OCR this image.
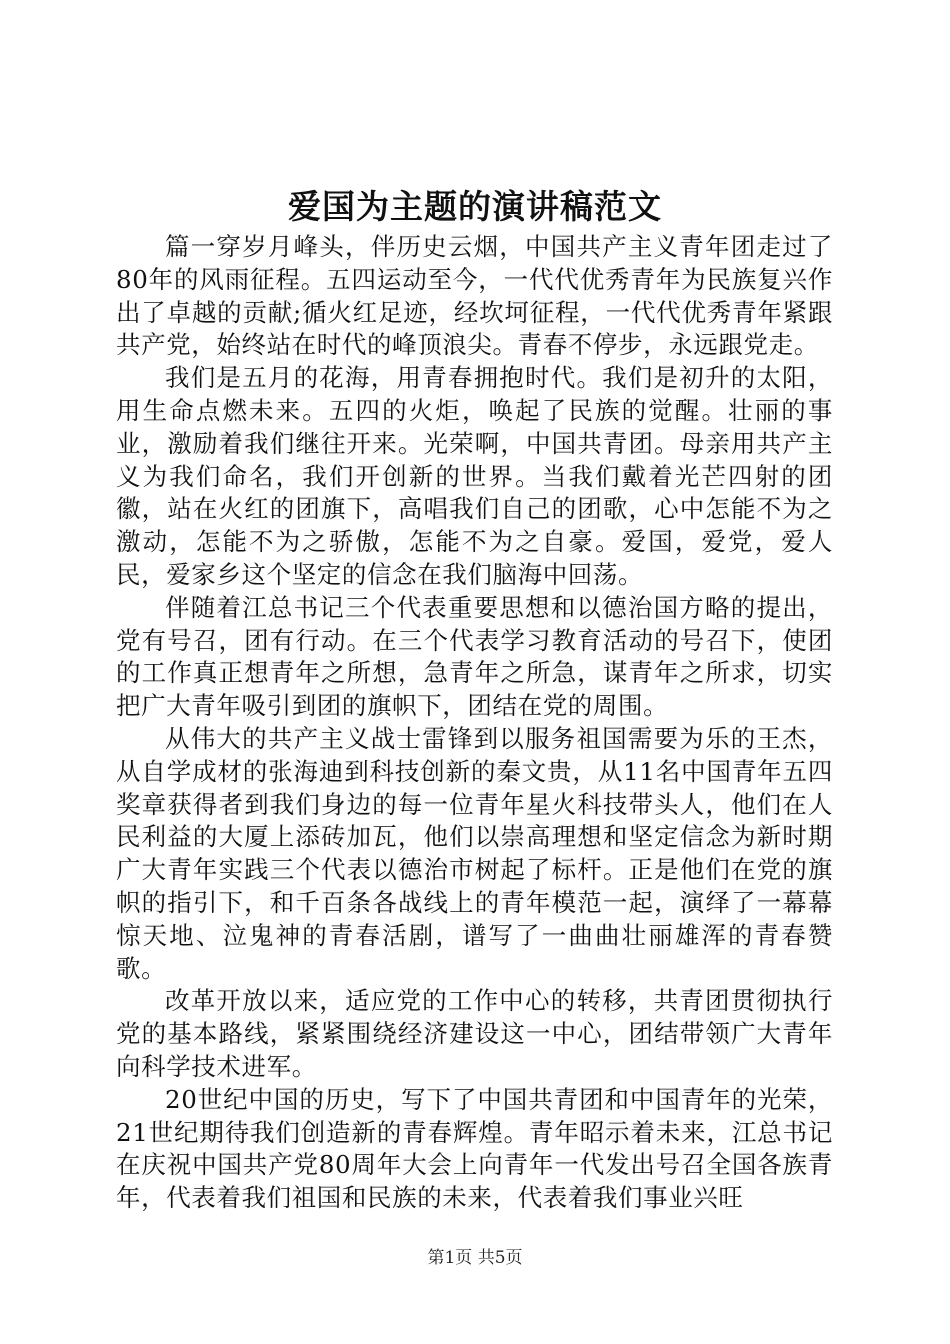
爱国为主题的演讲稿范文

篇一穿岁月峰头，伴历史云烟，中国共产主义青年团走过了80年的风雨征程。五四运动至今，一代代优秀青年为民族复兴作出了卓越的贡献;循火红足迹，经坎坷征程，一代代优秀青年紧跟共产党，始终站在时代的峰顶浪尖。青春不停步，永远跟党走。

我们是五月的花海，用青春拥抱时代。我们是初升的太阳，用生命点燃未来。五四的火炬，唤起了民族的觉醒。壮丽的事业，激励着我们继往开来。光荣啊，中国共青团。母亲用共产主义为我们命名，我们开创新的世界。当我们戴着光芒四射的团徽，站在火红的团旗下，高唱我们自己的团歌，心中怎能不为之激动，怎能不为之骄傲，怎能不为之自豪。爱国，爱党，爱人民，爱家乡这个坚定的信念在我们脑海中回荡。

伴随着江总书记三个代表重要思想和以德治国方略的提出，党有号召，团有行动。在三个代表学习教育活动的号召下，使团的工作真正想青年之所想，急青年之所急，谋青年之所求，切实把广大青年吸引到团的旗帜下，团结在党的周围。

从伟大的共产主义战士雷锋到以服务祖国需要为乐的王杰，从自学成材的张海迪到科技创新的秦文贵，从11名中国青年五四奖章获得者到我们身边的每一位青年星火科技带头人，他们在人民利益的大厦上添砖加瓦，他们以崇高理想和坚定信念为新时期广大青年实践三个代表以德治市树起了标杆。正是他们在党的旗帜的指引下，和千百条各战线上的青年模范一起，演绎了一幕幕惊天地、泣鬼神的青春活剧，谱写了一曲曲壮丽雄浑的青春赞歌。

改革开放以来，适应党的工作中心的转移，共青团贯彻执行党的基本路线，紧紧围绕经济建设这一中心，团结带领广大青年向科学技术进军。

20世纪中国的历史，写下了中国共青团和中国青年的光荣，21世纪期待我们创造新的青春辉煌。青年昭示着未来，江总书记在庆祝中国共产党80周年大会上向青年一代发出号召全国各族青年，代表着我们祖国和民族的未来，代表着我们事业兴旺

第1页 共5页
